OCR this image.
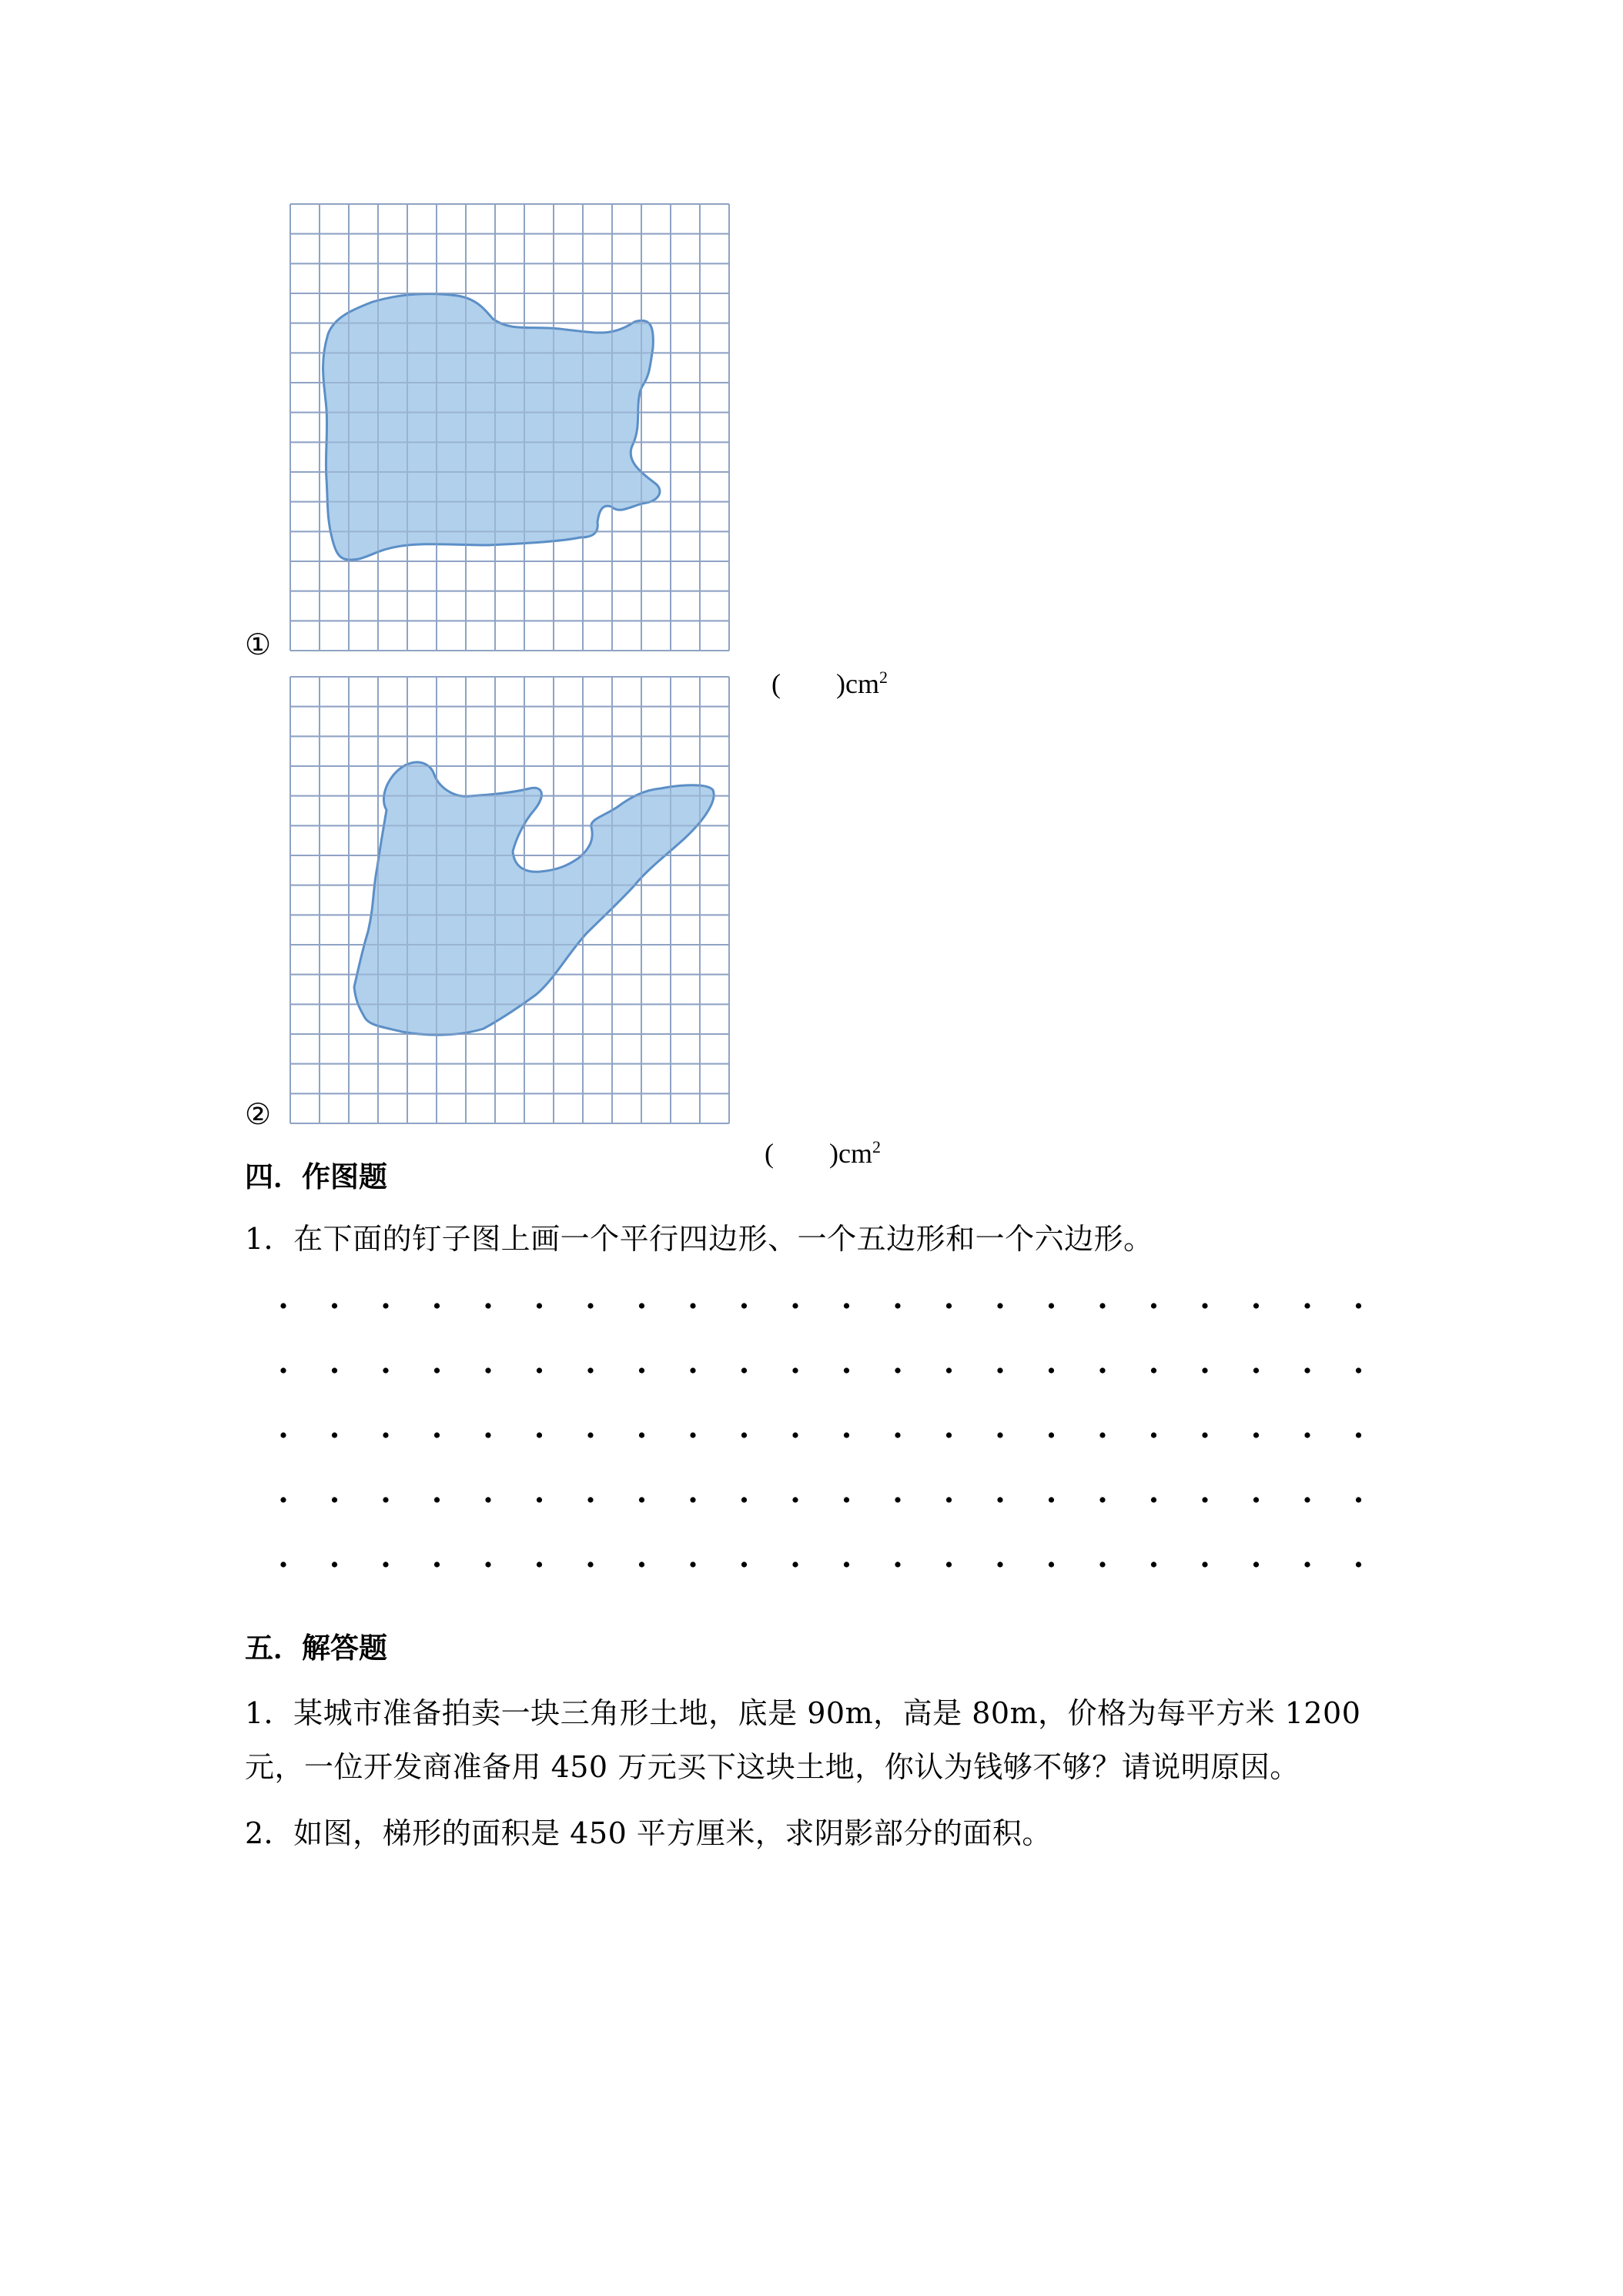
①

(　　)$cm^2$

②

(　　)$cm^2$

四．作图题
1．在下面的钉子图上画一个平行四边形、一个五边形和一个六边形。
五．解答题
1．某城市准备拍卖一块三角形土地，底是 90m，高是 80m，价格为每平方米 1200
元，一位开发商准备用 450 万元买下这块土地，你认为钱够不够？请说明原因。
2．如图，梯形的面积是 450 平方厘米，求阴影部分的面积。
